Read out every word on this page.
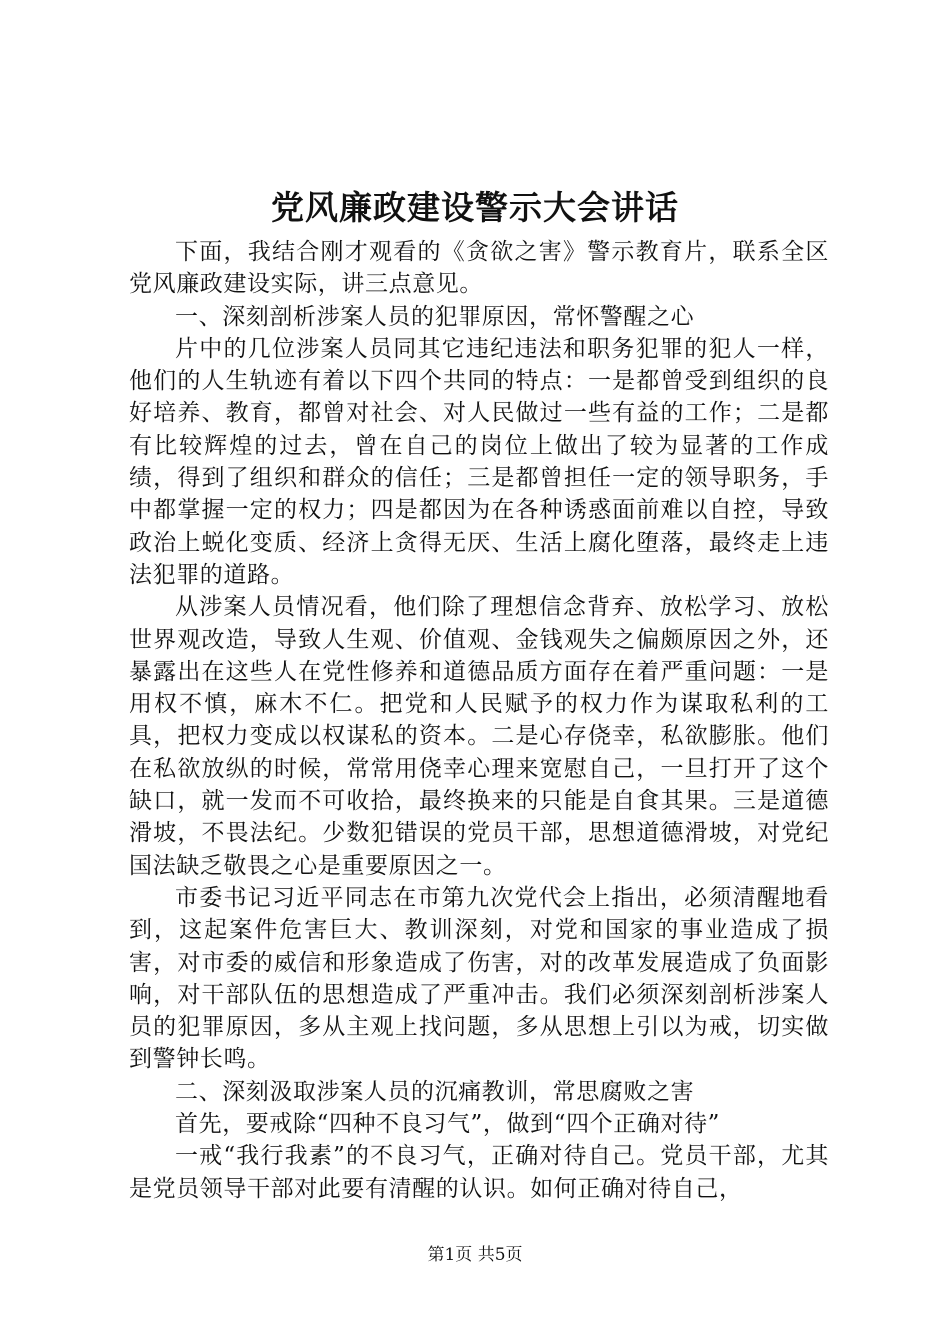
党风廉政建设警示大会讲话

下面，我结合刚才观看的《贪欲之害》警示教育片，联系全区党风廉政建设实际，讲三点意见。

一、深刻剖析涉案人员的犯罪原因，常怀警醒之心

片中的几位涉案人员同其它违纪违法和职务犯罪的犯人一样，他们的人生轨迹有着以下四个共同的特点：一是都曾受到组织的良好培养、教育，都曾对社会、对人民做过一些有益的工作；二是都有比较辉煌的过去，曾在自己的岗位上做出了较为显著的工作成绩，得到了组织和群众的信任；三是都曾担任一定的领导职务，手中都掌握一定的权力；四是都因为在各种诱惑面前难以自控，导致政治上蜕化变质、经济上贪得无厌、生活上腐化堕落，最终走上违法犯罪的道路。

从涉案人员情况看，他们除了理想信念背弃、放松学习、放松世界观改造，导致人生观、价值观、金钱观失之偏颇原因之外，还暴露出在这些人在党性修养和道德品质方面存在着严重问题：一是用权不慎，麻木不仁。把党和人民赋予的权力作为谋取私利的工具，把权力变成以权谋私的资本。二是心存侥幸，私欲膨胀。他们在私欲放纵的时候，常常用侥幸心理来宽慰自己，一旦打开了这个缺口，就一发而不可收拾，最终换来的只能是自食其果。三是道德滑坡，不畏法纪。少数犯错误的党员干部，思想道德滑坡，对党纪国法缺乏敬畏之心是重要原因之一。

市委书记习近平同志在市第九次党代会上指出，必须清醒地看到，这起案件危害巨大、教训深刻，对党和国家的事业造成了损害，对市委的威信和形象造成了伤害，对的改革发展造成了负面影响，对干部队伍的思想造成了严重冲击。我们必须深刻剖析涉案人员的犯罪原因，多从主观上找问题，多从思想上引以为戒，切实做到警钟长鸣。

二、深刻汲取涉案人员的沉痛教训，常思腐败之害

首先，要戒除“四种不良习气”，做到“四个正确对待”

一戒“我行我素”的不良习气，正确对待自己。党员干部，尤其是党员领导干部对此要有清醒的认识。如何正确对待自己，

第1页 共5页
